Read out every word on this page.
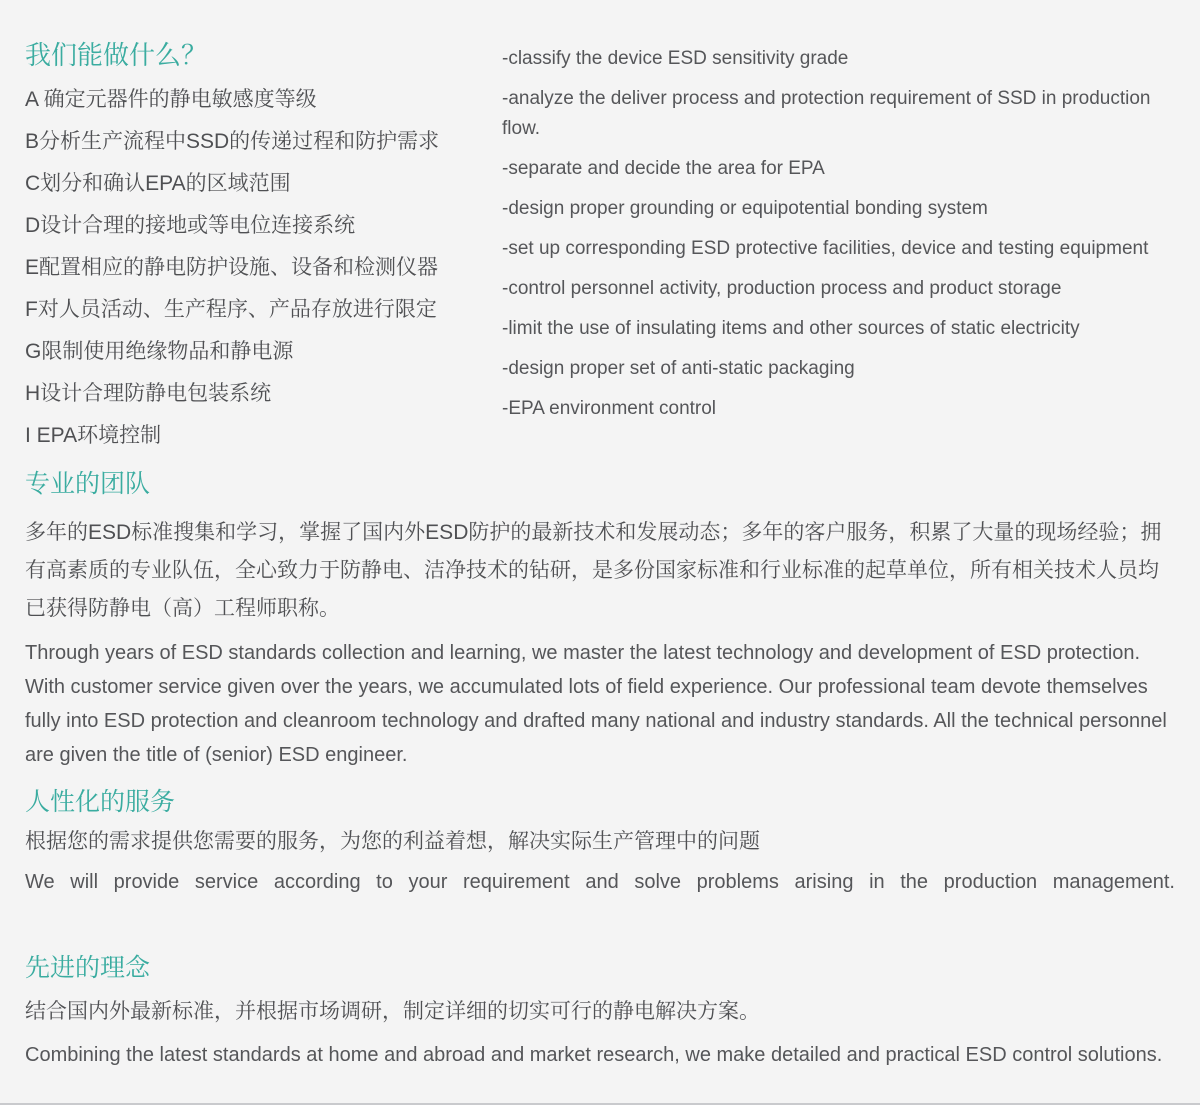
我们能做什么？
A 确定元器件的静电敏感度等级
B分析生产流程中SSD的传递过程和防护需求
C划分和确认EPA的区域范围
D设计合理的接地或等电位连接系统
E配置相应的静电防护设施、设备和检测仪器
F对人员活动、生产程序、产品存放进行限定
G限制使用绝缘物品和静电源
H设计合理防静电包装系统
I EPA环境控制
-classify the device ESD sensitivity grade
-analyze the deliver process and protection requirement of SSD in production flow.
-separate and decide the area for EPA
-design proper grounding or equipotential bonding system
-set up corresponding ESD protective facilities, device and testing equipment
-control personnel activity, production process and product storage
-limit the use of insulating items and other sources of static electricity
-design proper set of anti-static packaging
-EPA environment control
专业的团队

多年的ESD标准搜集和学习，掌握了国内外ESD防护的最新技术和发展动态；多年的客户服务，积累了大量的现场经验；拥有高素质的专业队伍，全心致力于防静电、洁净技术的钻研，是多份国家标准和行业标准的起草单位，所有相关技术人员均已获得防静电（高）工程师职称。

Through years of ESD standards collection and learning, we master the latest technology and development of ESD protection. With customer service given over the years, we accumulated lots of field experience. Our professional team devote themselves fully into ESD protection and cleanroom technology and drafted many national and industry standards. All the technical personnel are given the title of (senior) ESD engineer.

人性化的服务

根据您的需求提供您需要的服务，为您的利益着想，解决实际生产管理中的问题

We will provide service according to your requirement and solve problems arising in the production management.

先进的理念

结合国内外最新标准，并根据市场调研，制定详细的切实可行的静电解决方案。

Combining the latest standards at home and abroad and market research, we make detailed and practical ESD control solutions.
